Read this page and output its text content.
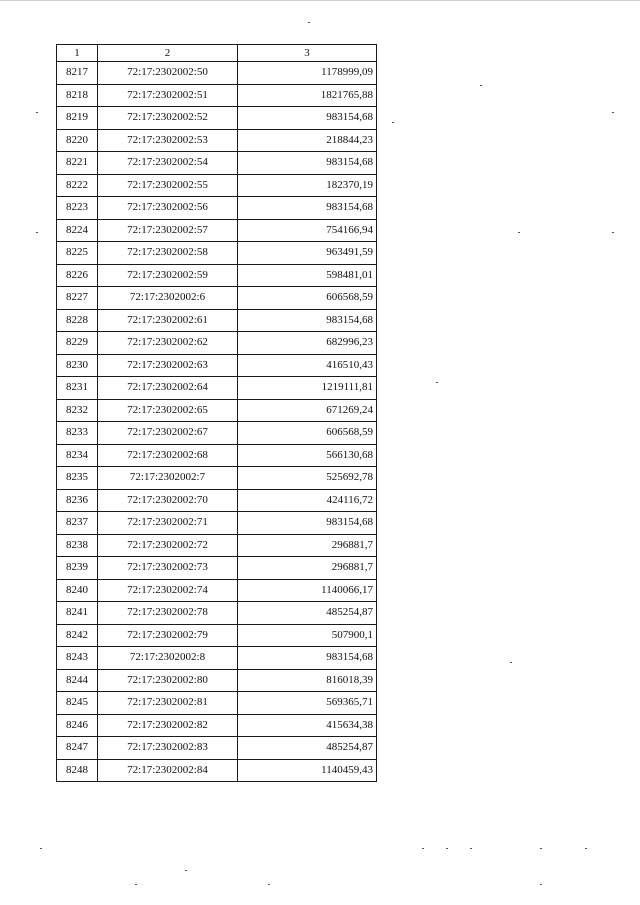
1	2	3
8217	72:17:2302002:50	1178999,09
8218	72:17:2302002:51	1821765,88
8219	72:17:2302002:52	983154,68
8220	72:17:2302002:53	218844,23
8221	72:17:2302002:54	983154,68
8222	72:17:2302002:55	182370,19
8223	72:17:2302002:56	983154,68
8224	72:17:2302002:57	754166,94
8225	72:17:2302002:58	963491,59
8226	72:17:2302002:59	598481,01
8227	72:17:2302002:6	606568,59
8228	72:17:2302002:61	983154,68
8229	72:17:2302002:62	682996,23
8230	72:17:2302002:63	416510,43
8231	72:17:2302002:64	1219111,81
8232	72:17:2302002:65	671269,24
8233	72:17:2302002:67	606568,59
8234	72:17:2302002:68	566130,68
8235	72:17:2302002:7	525692,78
8236	72:17:2302002:70	424116,72
8237	72:17:2302002:71	983154,68
8238	72:17:2302002:72	296881,7
8239	72:17:2302002:73	296881,7
8240	72:17:2302002:74	1140066,17
8241	72:17:2302002:78	485254,87
8242	72:17:2302002:79	507900,1
8243	72:17:2302002:8	983154,68
8244	72:17:2302002:80	816018,39
8245	72:17:2302002:81	569365,71
8246	72:17:2302002:82	415634,38
8247	72:17:2302002:83	485254,87
8248	72:17:2302002:84	1140459,43
